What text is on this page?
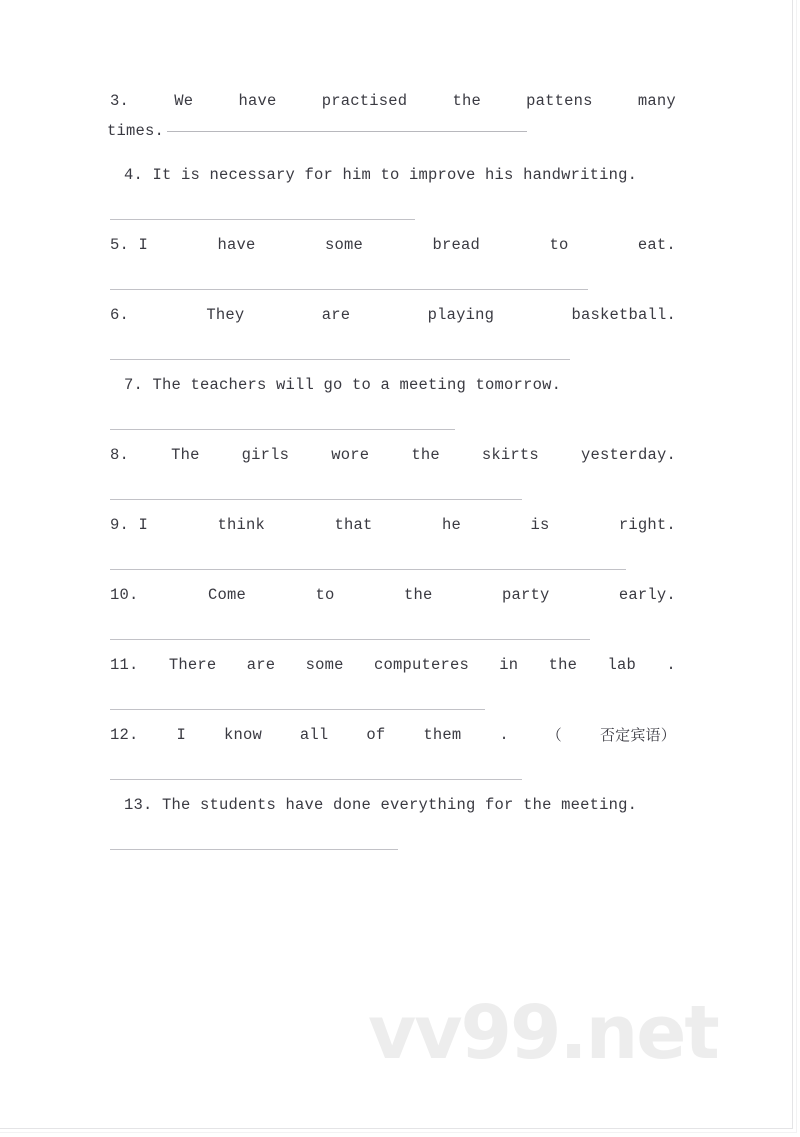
3.	We	have	practised	the	pattens	many
times.
4. It is necessary for him to improve his handwriting.
5. I	have	some	bread	to	eat.
6.	They	are	playing	basketball.
7. The teachers will go to a meeting tomorrow.
8.	The	girls	wore	the	skirts	yesterday.
9. I	think	that	he	is	right.
10.	Come	to	the	party	early.
11. There are some computeres in the lab .
12. I know all of them .	（	否定宾语）
13. The students have done everything for the meeting.
vv99.net
